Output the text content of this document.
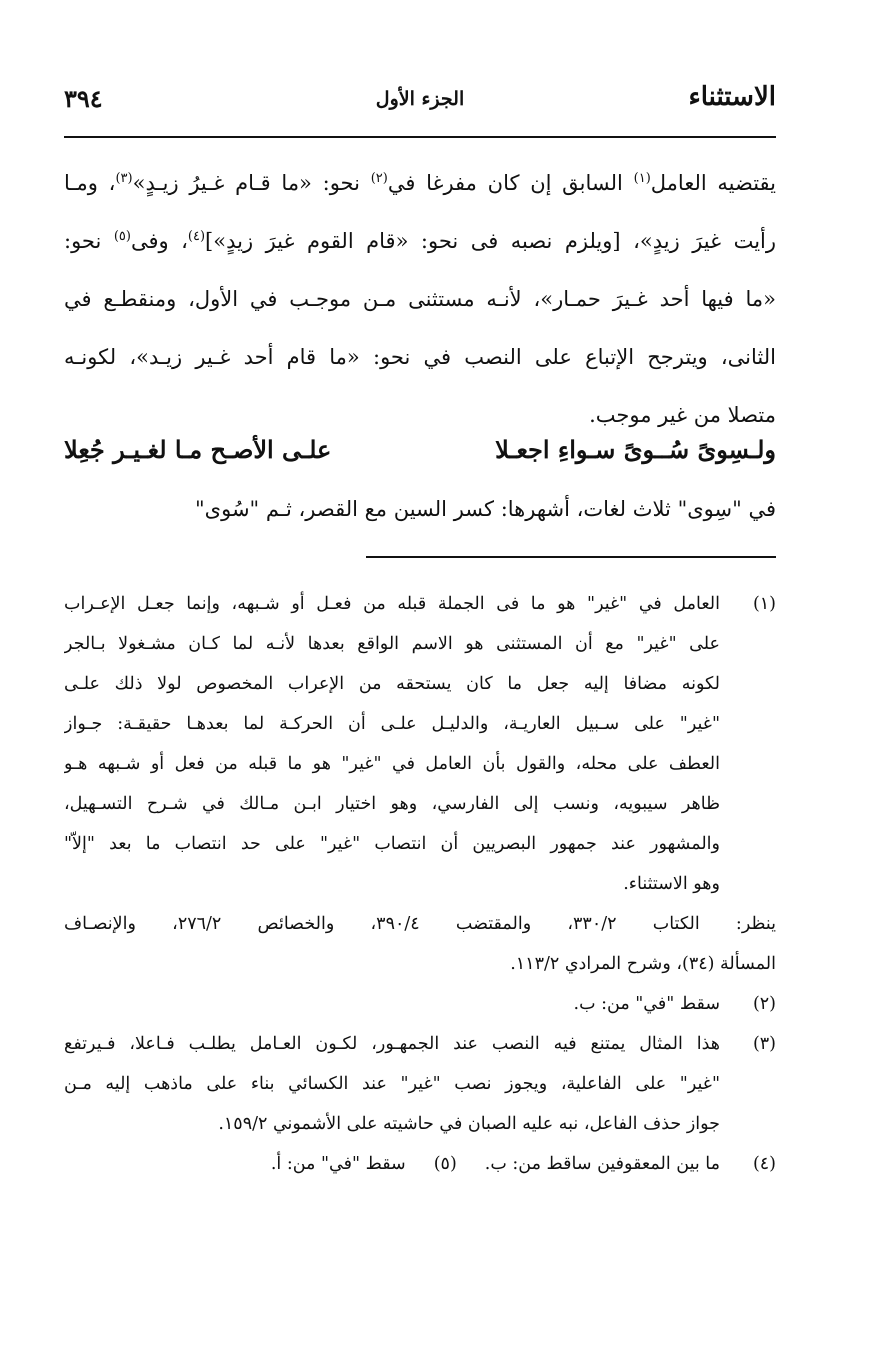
الاستثناء
الجزء الأول
٣٩٤
يقتضيه العامل$^{(١)}$ السابق إن كان مفرغا في$^{(٢)}$ نحو: «ما قـام غـيرُ زيـدٍ»$^{(٣)}$، ومـا
رأيت غيرَ زيدٍ»، [ويلزم نصبه فى نحو: «قام القوم غيرَ زيدٍ»]$^{(٤)}$، وفى$^{(٥)}$ نحو:
«ما فيها أحد غـيرَ حمـار»، لأنـه مستثنى مـن موجـب في الأول، ومنقطـع في
الثانى، ويترجح الإتباع على النصب في نحو: «ما قام أحد غـير زيـد»، لكونـه
متصلا من غير موجب.
ولـسِوىً سُــوىً سـواءِ اجعـلا
علـى الأصـح مـا لغـيـر جُعِلا
في "سِوى" ثلاث لغات، أشهرها: كسر السين مع القصر، ثـم "سُوى"
(١)
العامل في "غير" هو ما فى الجملة قبله من فعـل أو شـبهه، وإنما جعـل الإعـراب
على "غير" مع أن المستثنى هو الاسم الواقع بعدها لأنـه لما كـان مشـغولا بـالجر
لكونه مضافا إليه جعل ما كان يستحقه من الإعراب المخصوص لولا ذلك علـى
"غير" على سـبيل العاريـة، والدليـل علـى أن الحركـة لما بعدهـا حقيقـة: جـواز
العطف على محله، والقول بأن العامل في "غير" هو ما قبله من فعل أو شـبهه هـو
ظاهر سيبويه، ونسب إلى الفارسي، وهو اختيار ابـن مـالك في شـرح التسـهيل،
والمشهور عند جمهور البصريين أن انتصاب "غير" على حد انتصاب ما بعد "إلاّ"
وهو الاستثناء.
ينظر: الكتاب ٣٣٠/٢، والمقتضب ٣٩٠/٤، والخصائص ٢٧٦/٢، والإنصـاف
المسألة (٣٤)، وشرح المرادي ١١٣/٢.
(٢)
سقط "في" من: ب.
(٣)
هذا المثال يمتنع فيه النصب عند الجمهـور، لكـون العـامل يطلـب فـاعلا، فـيرتفع
"غير" على الفاعلية، ويجوز نصب "غير" عند الكسائي بناء على ماذهب إليه مـن
جواز حذف الفاعل، نبه عليه الصبان في حاشيته على الأشموني ١٥٩/٢.
(٤)
ما بين المعقوفين ساقط من: ب.(٥)سقط "في" من: أ.
